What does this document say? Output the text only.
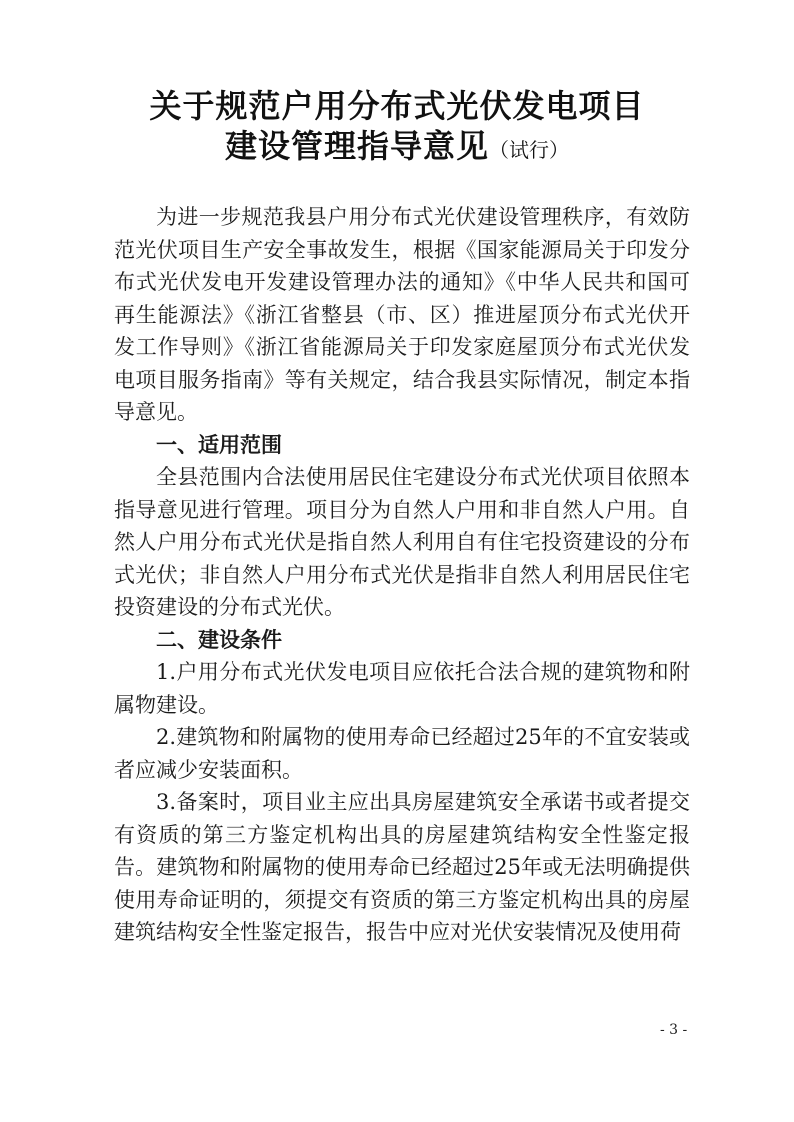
关于规范户用分布式光伏发电项目
建设管理指导意见（试行）

为进一步规范我县户用分布式光伏建设管理秩序，有效防范光伏项目生产安全事故发生，根据《国家能源局关于印发分布式光伏发电开发建设管理办法的通知》《中华人民共和国可再生能源法》《浙江省整县（市、区）推进屋顶分布式光伏开发工作导则》《浙江省能源局关于印发家庭屋顶分布式光伏发电项目服务指南》等有关规定，结合我县实际情况，制定本指导意见。

一、适用范围

全县范围内合法使用居民住宅建设分布式光伏项目依照本指导意见进行管理。项目分为自然人户用和非自然人户用。自然人户用分布式光伏是指自然人利用自有住宅投资建设的分布式光伏；非自然人户用分布式光伏是指非自然人利用居民住宅投资建设的分布式光伏。

二、建设条件

1.户用分布式光伏发电项目应依托合法合规的建筑物和附属物建设。

2.建筑物和附属物的使用寿命已经超过25年的不宜安装或者应减少安装面积。

3.备案时，项目业主应出具房屋建筑安全承诺书或者提交有资质的第三方鉴定机构出具的房屋建筑结构安全性鉴定报告。建筑物和附属物的使用寿命已经超过25年或无法明确提供使用寿命证明的，须提交有资质的第三方鉴定机构出具的房屋建筑结构安全性鉴定报告，报告中应对光伏安装情况及使用荷

- 3 -
